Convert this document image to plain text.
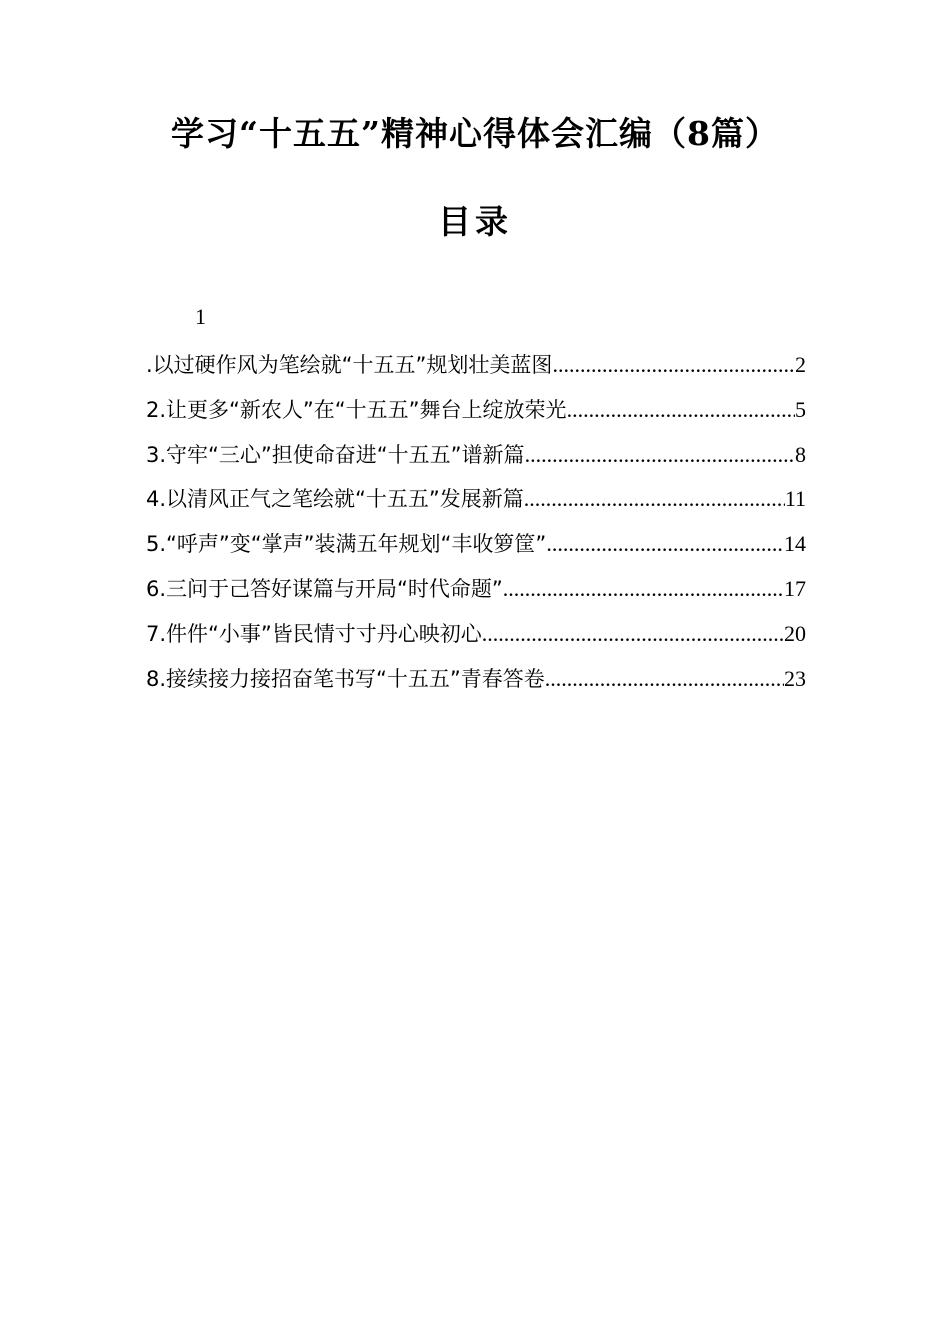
学习“十五五”精神心得体会汇编（8篇）
目录
1
.以过硬作风为笔绘就“十五五”规划壮美蓝图 .....	2
2.让更多“新农人”在“十五五”舞台上绽放荣光 .....	5
3.守牢“三心”担使命奋进“十五五”谱新篇 .....	8
4.以清风正气之笔绘就“十五五”发展新篇 .....	11
5.“呼声”变“掌声”装满五年规划“丰收箩筐” .....	14
6.三问于己答好谋篇与开局“时代命题” .....	17
7.件件“小事”皆民情寸寸丹心映初心 .....	20
8.接续接力接招奋笔书写“十五五”青春答卷 .....	23
